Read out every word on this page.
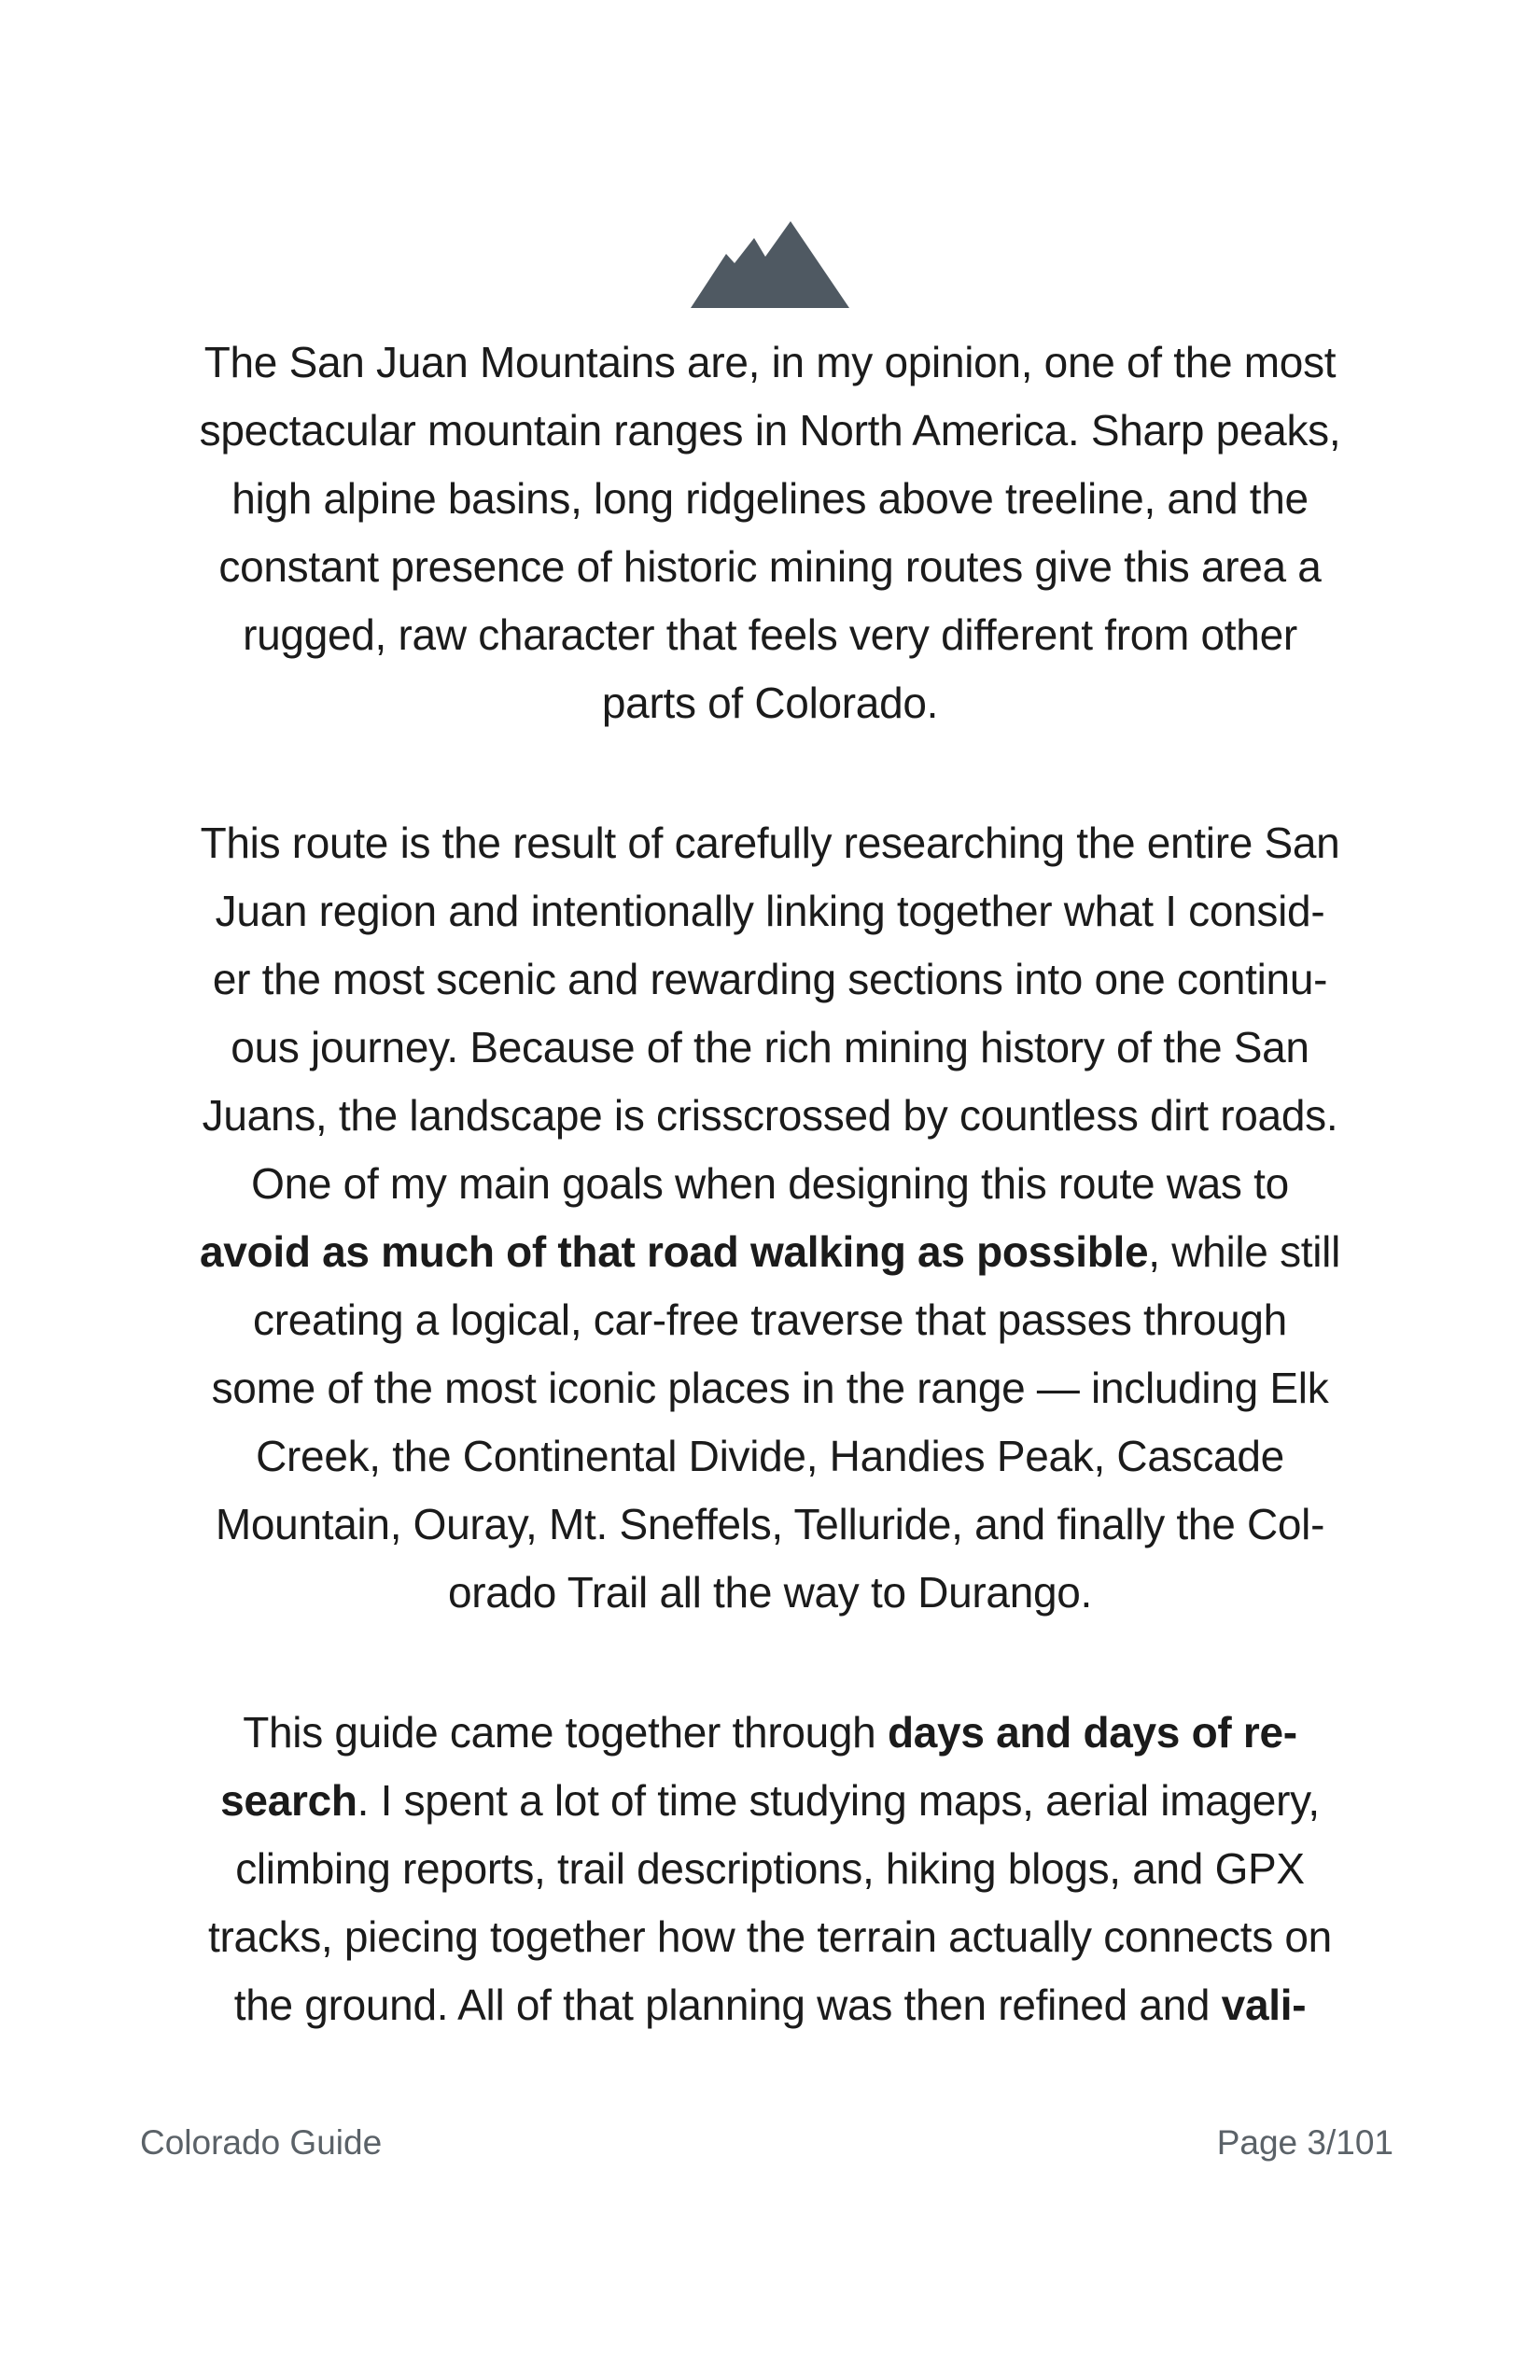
The San Juan Mountains are, in my opinion, one of the most
spectacular mountain ranges in North America. Sharp peaks,
high alpine basins, long ridgelines above treeline, and the
constant presence of historic mining routes give this area a
rugged, raw character that feels very different from other
parts of Colorado.
This route is the result of carefully researching the entire San
Juan region and intentionally linking together what I consid-
er the most scenic and rewarding sections into one continu-
ous journey. Because of the rich mining history of the San
Juans, the landscape is crisscrossed by countless dirt roads.
One of my main goals when designing this route was to
avoid as much of that road walking as possible , while still
creating a logical, car-free traverse that passes through
some of the most iconic places in the range — including Elk
Creek, the Continental Divide, Handies Peak, Cascade
Mountain, Ouray, Mt. Sneffels, Telluride, and finally the Col-
orado Trail all the way to Durango.
This guide came together through days and days of re-
search . I spent a lot of time studying maps, aerial imagery,
climbing reports, trail descriptions, hiking blogs, and GPX
tracks, piecing together how the terrain actually connects on
the ground. All of that planning was then refined and vali-
Colorado Guide	Page 3/101
